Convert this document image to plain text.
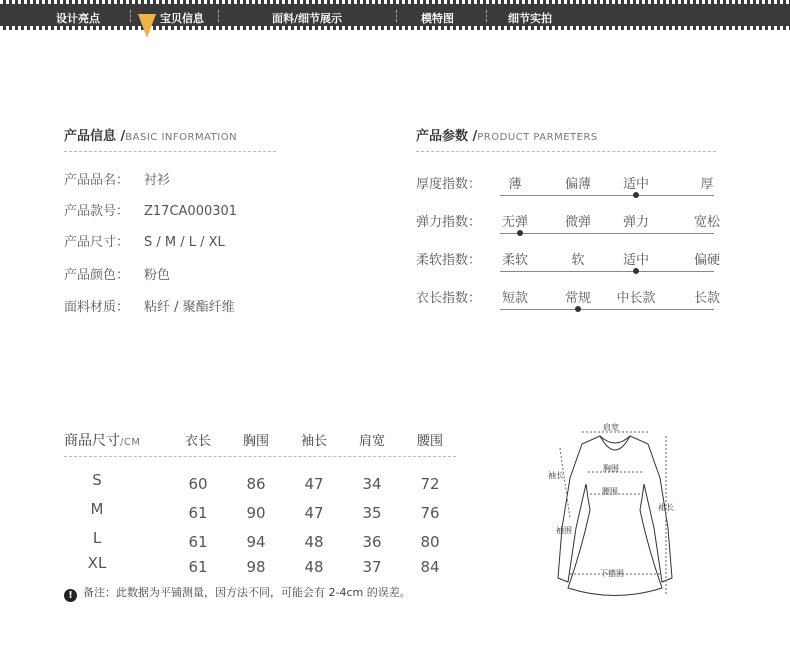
设计亮点	宝贝信息	面料/细节展示	模特图	细节实拍
产品信息 /BASIC INFORMATION
产品品名： 衬衫
产品款号： Z17CA000301
产品尺寸： S / M / L / XL
产品颜色： 粉色
面料材质： 粘纤 / 聚酯纤维
产品参数 /PRODUCT PARMETERS
厚度指数： 薄	偏薄 适中	厚
弹力指数： 无弹	微弹 弹力	宽松
柔软指数： 柔软	软	适中	偏硬
衣长指数： 短款	常规 中长款	长款
商品尺寸/CM	衣长 胸围 袖长 肩宽 腰围
S	60	86	47	34	72
M	61	90	47	35	76
L	61	94	48	36	80
XL	61	98	48	37	84
! 备注：此数据为平铺测量，因方法不同，可能会有 2-4cm 的误差。
肩宽
胸围
腰围
袖长
袖围
下摆围
裙长
